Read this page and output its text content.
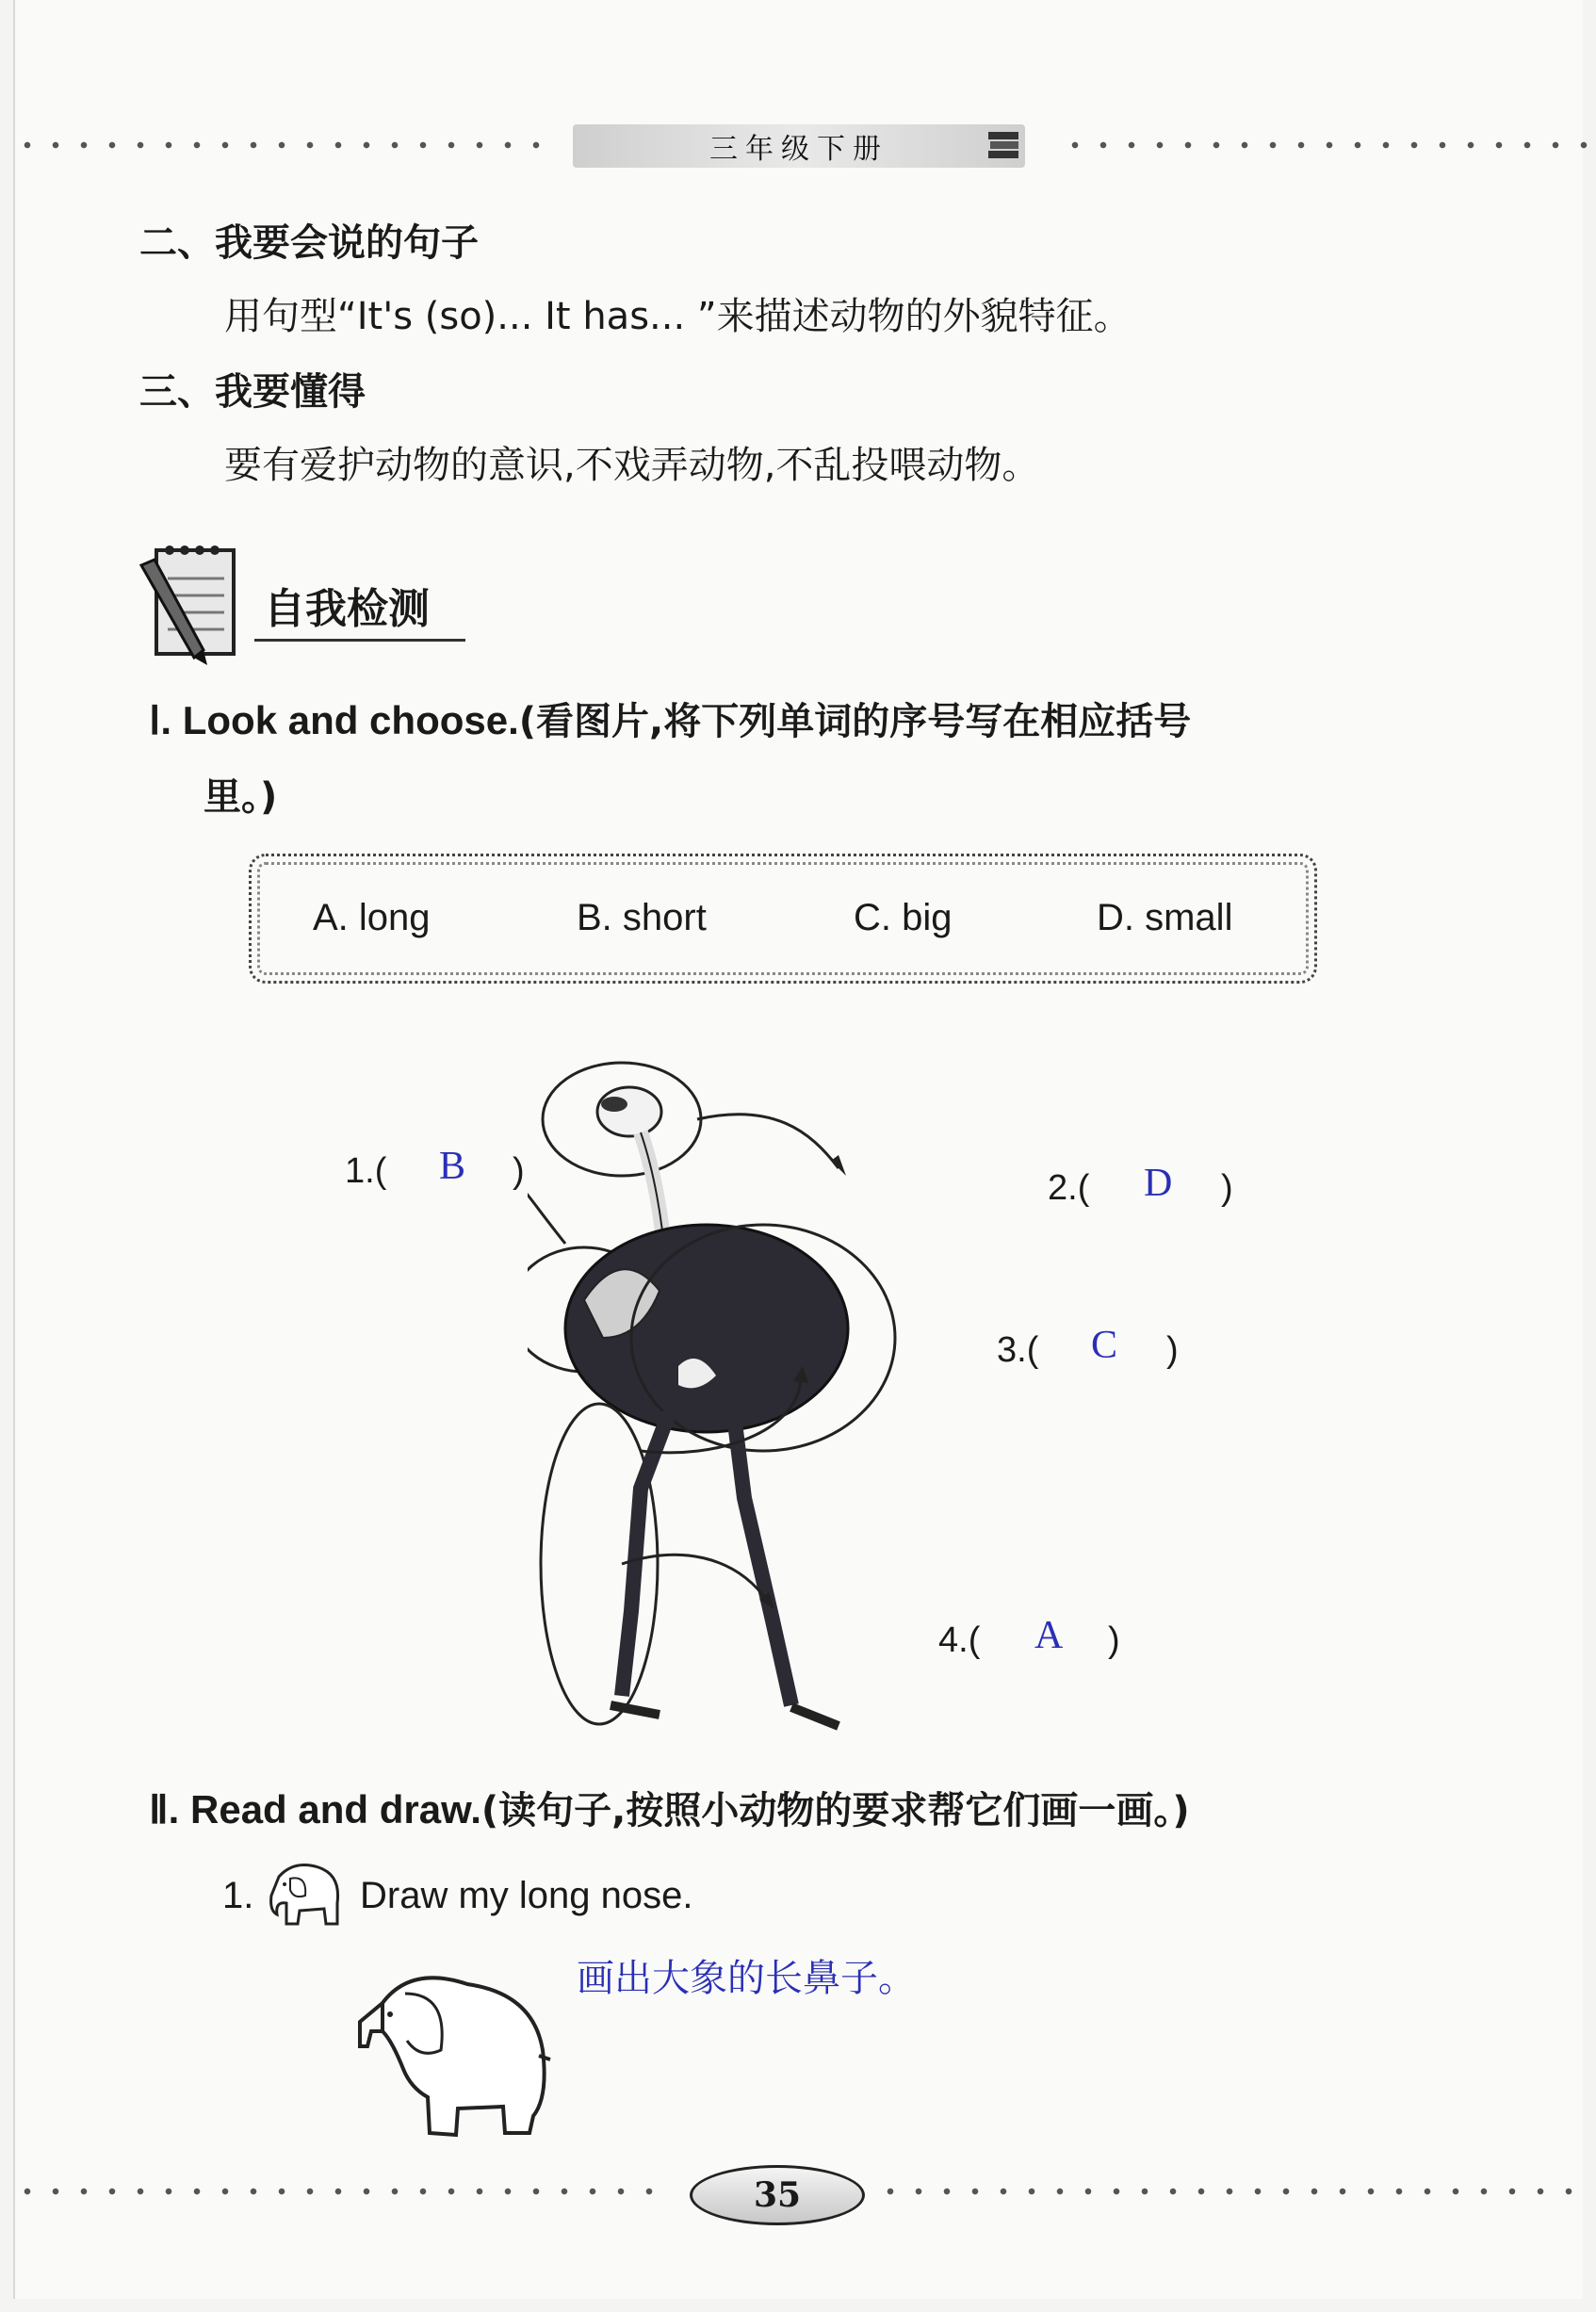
三年级下册
二、我要会说的句子
用句型“It's (so)... It has... ”来描述动物的外貌特征。
三、我要懂得
要有爱护动物的意识,不戏弄动物,不乱投喂动物。
自我检测
Ⅰ. Look and choose.(看图片,将下列单词的序号写在相应括号
里。)
A. long	B. short	C. big	D. small
1.( B )	2.( D )
3.( C )
4.( A )
Ⅱ. Read and draw.(读句子,按照小动物的要求帮它们画一画。)
1.	Draw my long nose.
画出大象的长鼻子。
35
